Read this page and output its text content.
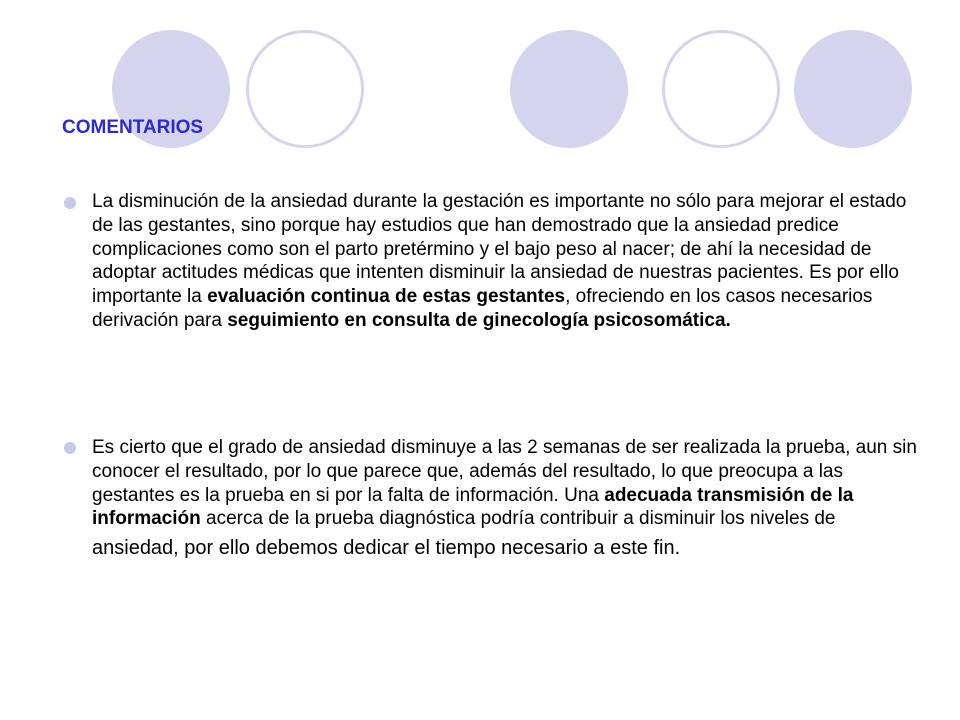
COMENTARIOS
La disminución de la ansiedad durante la gestación es importante no sólo para mejorar el estado de las gestantes, sino porque hay estudios que han demostrado que la ansiedad predice complicaciones como son el parto pretérmino y el bajo peso al nacer; de ahí la necesidad de adoptar actitudes médicas que intenten disminuir la ansiedad de nuestras pacientes. Es por ello importante la evaluación continua de estas gestantes, ofreciendo en los casos necesarios derivación para seguimiento en consulta de ginecología psicosomática.
Es cierto que el grado de ansiedad disminuye a las 2 semanas de ser realizada la prueba, aun sin conocer el resultado, por lo que parece que, además del resultado, lo que preocupa a las gestantes es la prueba en si por la falta de información. Una adecuada transmisión de la información acerca de la prueba diagnóstica podría contribuir a disminuir los niveles de
ansiedad, por ello debemos dedicar el tiempo necesario a este fin.
